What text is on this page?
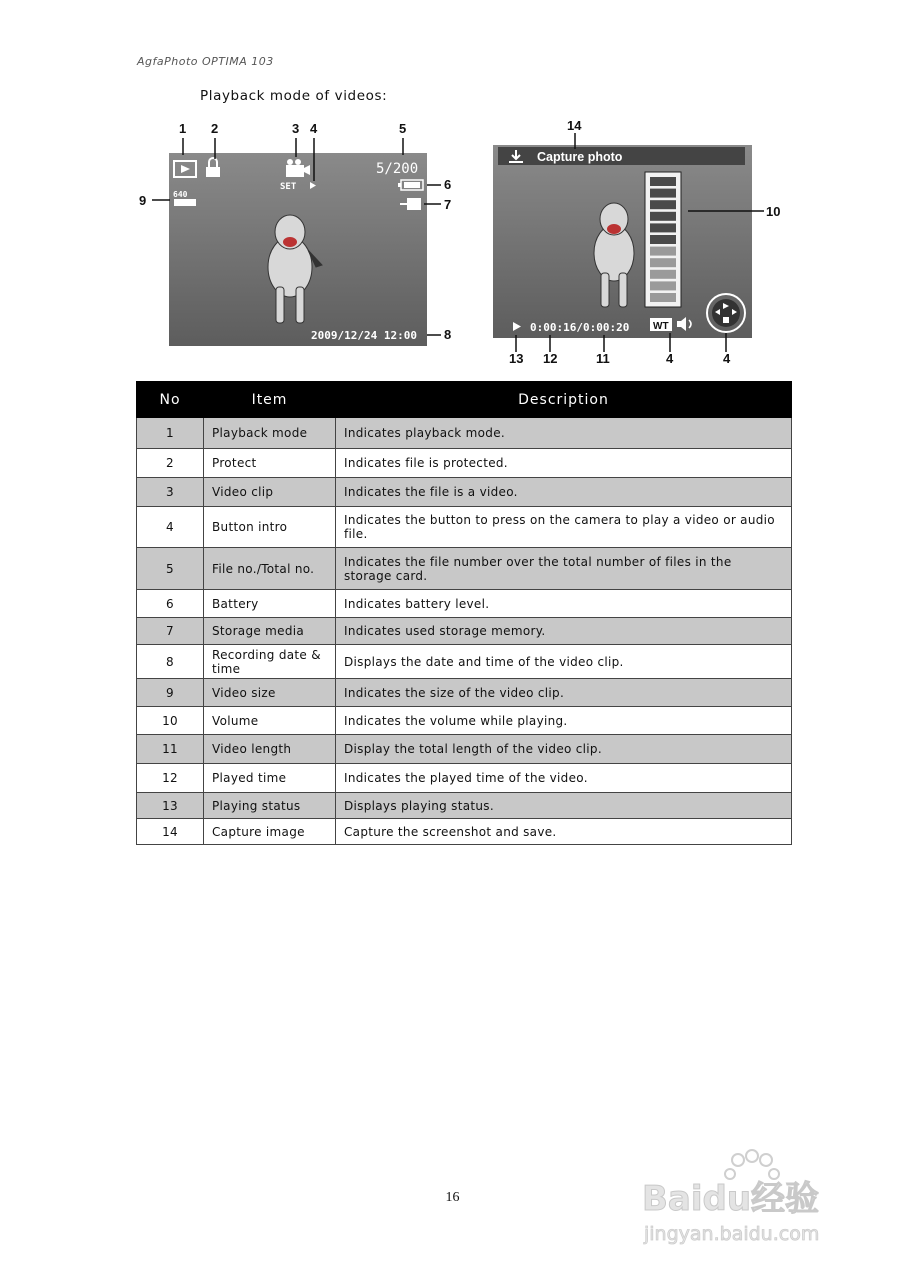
AgfaPhoto OPTIMA 103
Playback mode of videos:
SET
5/200
640
2009/12/24 12:00
Capture photo
0:00:16/0:00:20 WT
1 2	3 4	5
6
7
8
9
10
14
13 12	11	4	4
No	Item	Description
1	Playback mode	Indicates playback mode.
2	Protect	Indicates file is protected.
3	Video clip	Indicates the file is a video.
4	Button intro	Indicates the button to press on the camera to play a video or audio file.
5	File no./Total no.	Indicates the file number over the total number of files in the storage card.
6	Battery	Indicates battery level.
7	Storage media	Indicates used storage memory.
8	Recording date & time	Displays the date and time of the video clip.
9	Video size	Indicates the size of the video clip.
10	Volume	Indicates the volume while playing.
11	Video length	Display the total length of the video clip.
12	Played time	Indicates the played time of the video.
13	Playing status	Displays playing status.
14	Capture image	Capture the screenshot and save.
16	Baidu经验
jingyan.baidu.com
